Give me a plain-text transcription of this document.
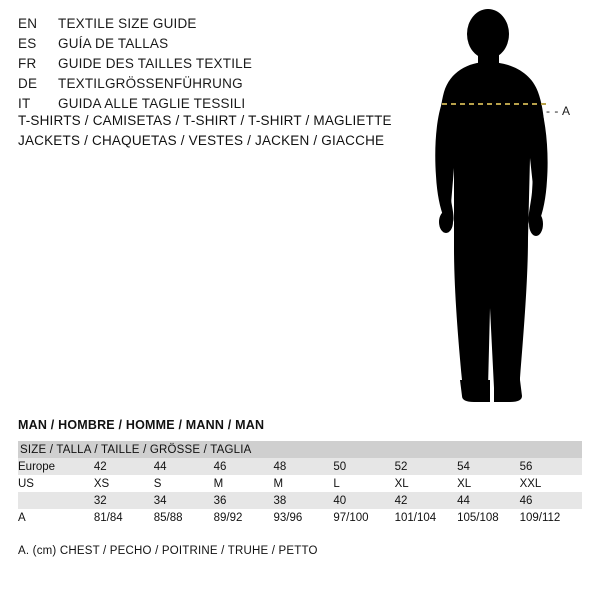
EN	TEXTILE SIZE GUIDE
ES	GUÍA DE TALLAS
FR	GUIDE DES TAILLES TEXTILE
DE	TEXTILGRÖSSENFÜHRUNG
IT	GUIDA ALLE TAGLIE TESSILI
T-SHIRTS / CAMISETAS / T-SHIRT / T-SHIRT / MAGLIETTE
JACKETS / CHAQUETAS / VESTES / JACKEN / GIACCHE
- - A
MAN / HOMBRE / HOMME / MANN / MAN
SIZE / TALLA / TAILLE / GRÖSSE / TAGLIA								
Europe	42	44	46	48	50	52	54	56
US	XS	S	M	M	L	XL	XL	XXL
	32	34	36	38	40	42	44	46
A	81/84	85/88	89/92	93/96	97/100	101/104	105/108	109/112
A. (cm) CHEST / PECHO / POITRINE / TRUHE / PETTO
